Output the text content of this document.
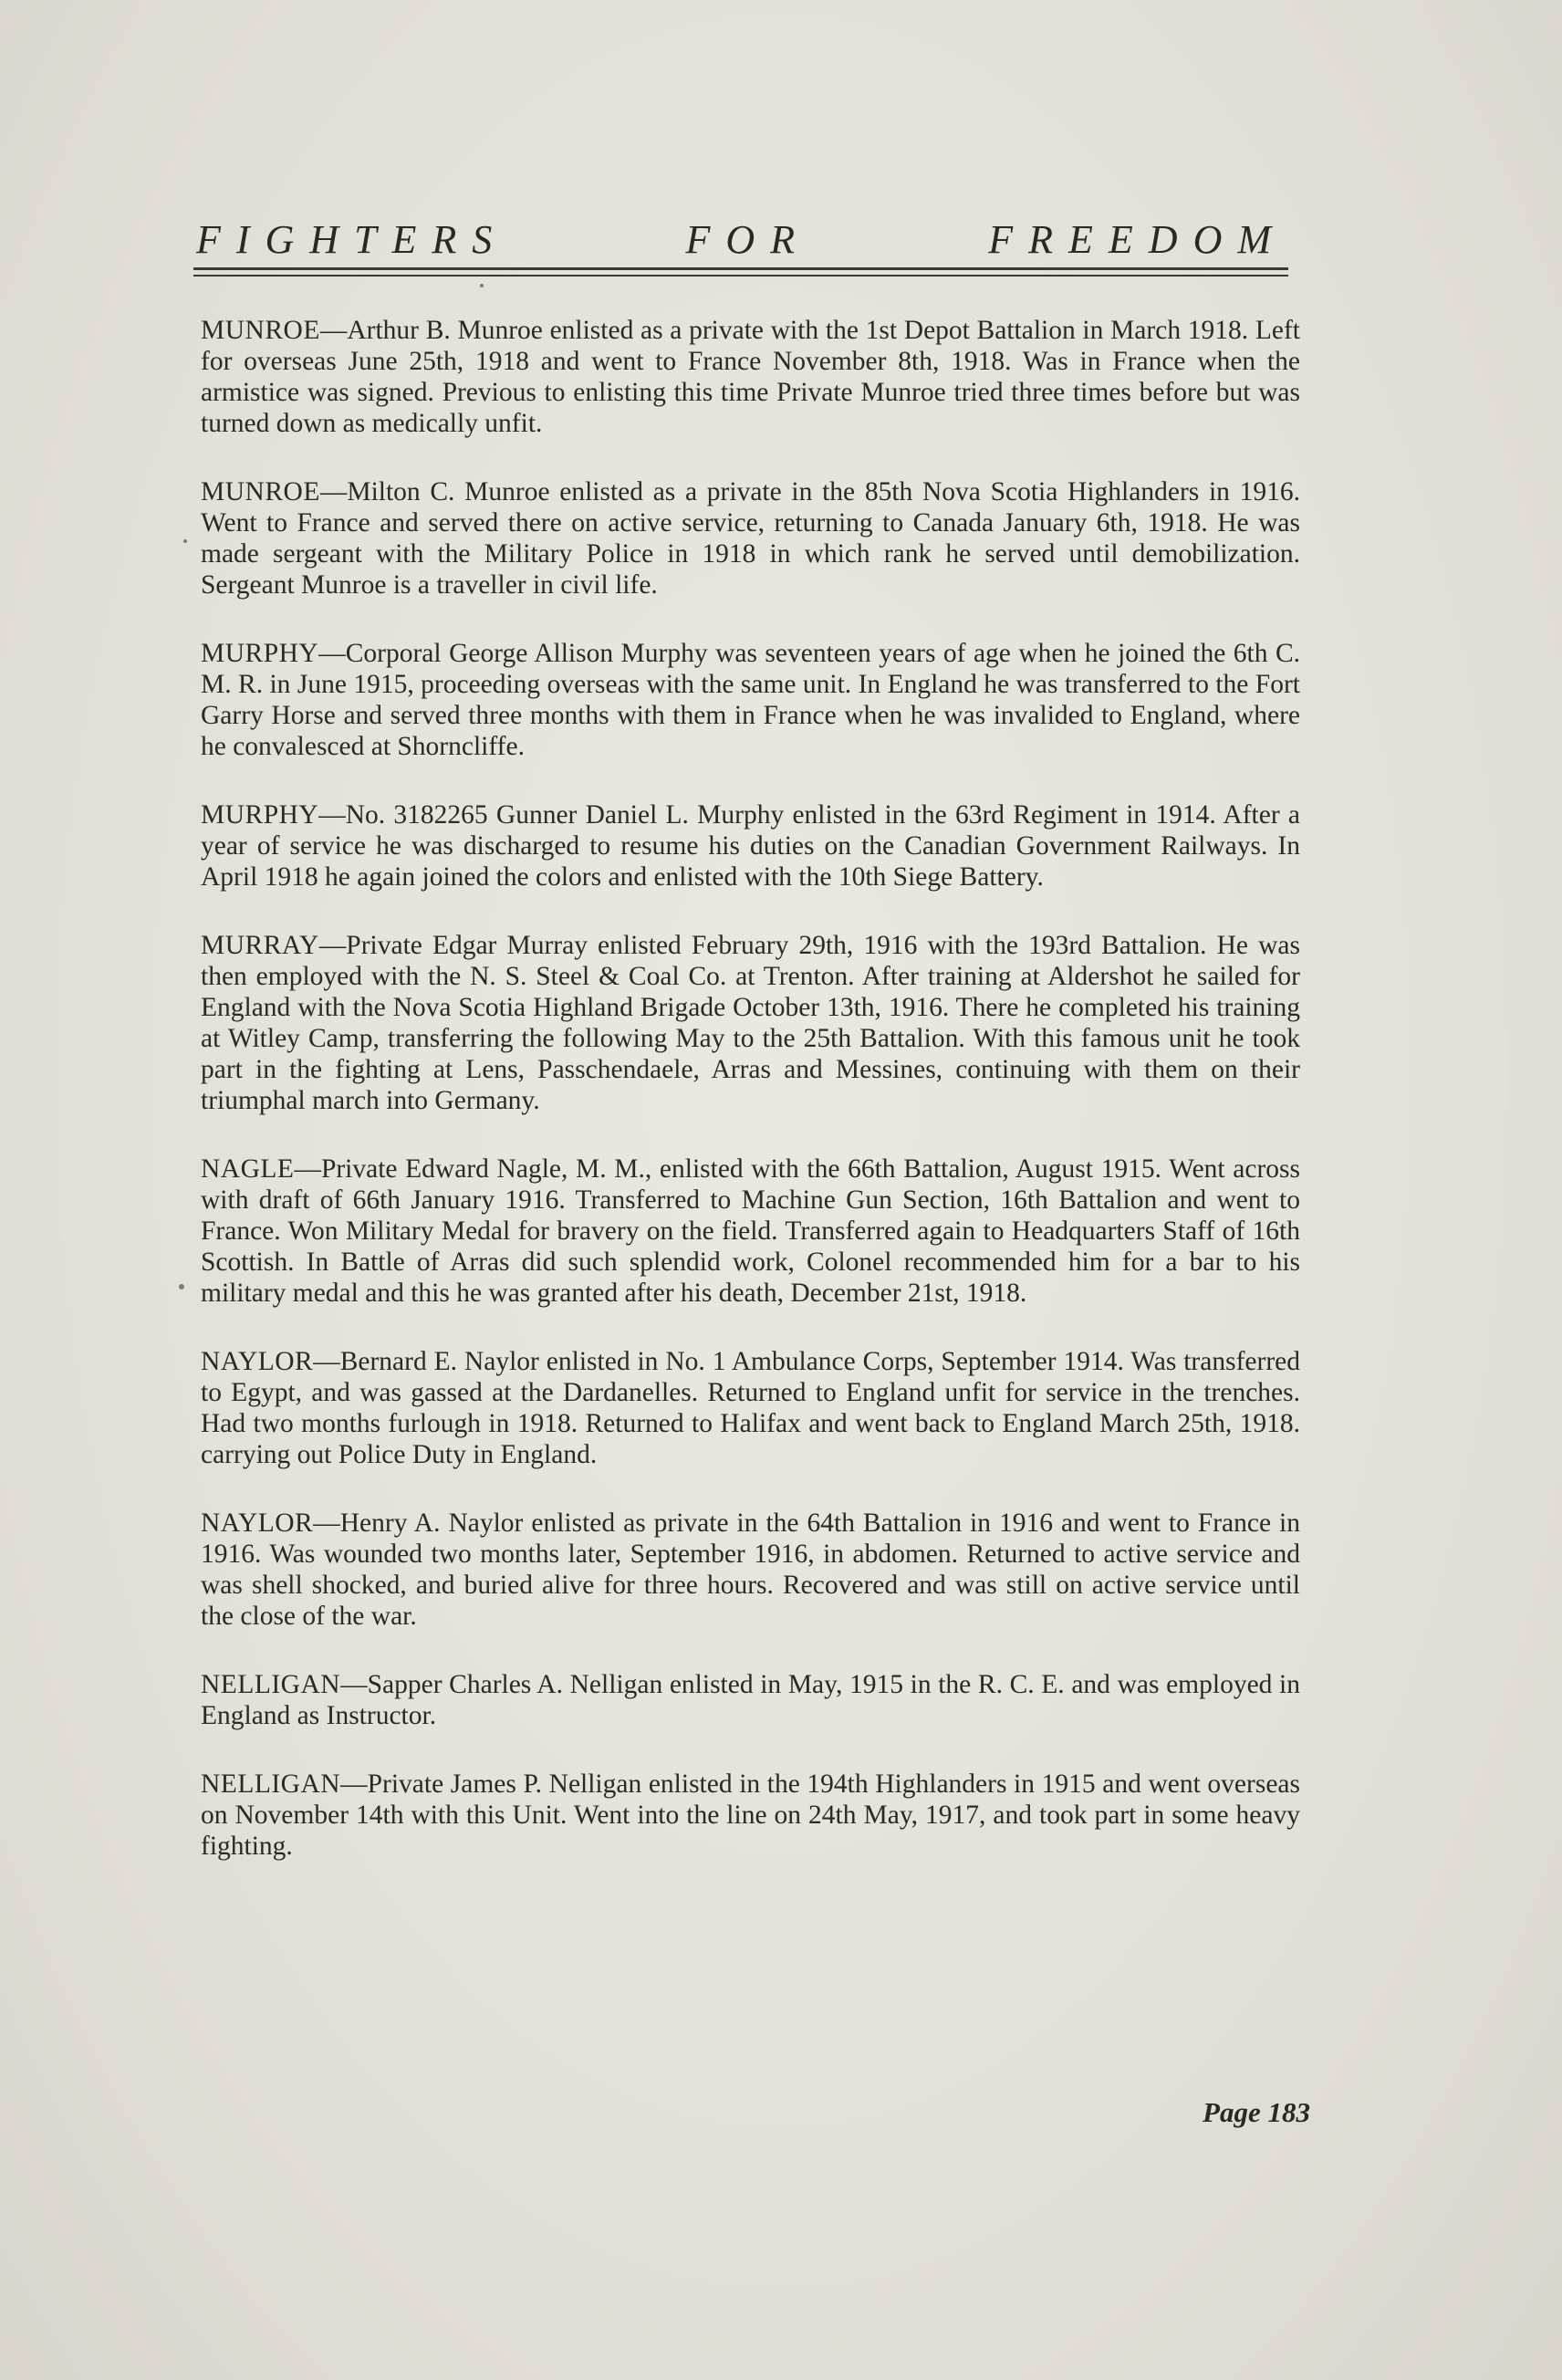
FIGHTERS	FOR	FREEDOM

MUNROE—Arthur B. Munroe enlisted as a private with the 1st Depot Battalion in March 1918. Left for overseas June 25th, 1918 and went to France November 8th, 1918. Was in France when the armistice was signed. Previous to enlisting this time Private Munroe tried three times before but was turned down as medically unfit.

MUNROE—Milton C. Munroe enlisted as a private in the 85th Nova Scotia Highlanders in 1916. Went to France and served there on active service, returning to Canada January 6th, 1918. He was made sergeant with the Military Police in 1918 in which rank he served until demobilization. Sergeant Munroe is a traveller in civil life.

MURPHY—Corporal George Allison Murphy was seventeen years of age when he joined the 6th C. M. R. in June 1915, proceeding overseas with the same unit. In England he was transferred to the Fort Garry Horse and served three months with them in France when he was invalided to England, where he convalesced at Shorncliffe.

MURPHY—No. 3182265 Gunner Daniel L. Murphy enlisted in the 63rd Regiment in 1914. After a year of service he was discharged to resume his duties on the Canadian Government Railways. In April 1918 he again joined the colors and enlisted with the 10th Siege Battery.

MURRAY—Private Edgar Murray enlisted February 29th, 1916 with the 193rd Battalion. He was then employed with the N. S. Steel & Coal Co. at Trenton. After training at Aldershot he sailed for England with the Nova Scotia Highland Brigade October 13th, 1916. There he completed his training at Witley Camp, transferring the following May to the 25th Battalion. With this famous unit he took part in the fighting at Lens, Passchendaele, Arras and Messines, continuing with them on their triumphal march into Germany.

NAGLE—Private Edward Nagle, M. M., enlisted with the 66th Battalion, August 1915. Went across with draft of 66th January 1916. Transferred to Machine Gun Section, 16th Battalion and went to France. Won Military Medal for bravery on the field. Transferred again to Headquarters Staff of 16th Scottish. In Battle of Arras did such splendid work, Colonel recommended him for a bar to his military medal and this he was granted after his death, December 21st, 1918.

NAYLOR—Bernard E. Naylor enlisted in No. 1 Ambulance Corps, September 1914. Was transferred to Egypt, and was gassed at the Dardanelles. Returned to England unfit for service in the trenches. Had two months furlough in 1918. Returned to Halifax and went back to England March 25th, 1918. carrying out Police Duty in England.

NAYLOR—Henry A. Naylor enlisted as private in the 64th Battalion in 1916 and went to France in 1916. Was wounded two months later, September 1916, in abdomen. Returned to active service and was shell shocked, and buried alive for three hours. Recovered and was still on active service until the close of the war.

NELLIGAN—Sapper Charles A. Nelligan enlisted in May, 1915 in the R. C. E. and was employed in England as Instructor.

NELLIGAN—Private James P. Nelligan enlisted in the 194th Highlanders in 1915 and went overseas on November 14th with this Unit. Went into the line on 24th May, 1917, and took part in some heavy fighting.

Page 183
